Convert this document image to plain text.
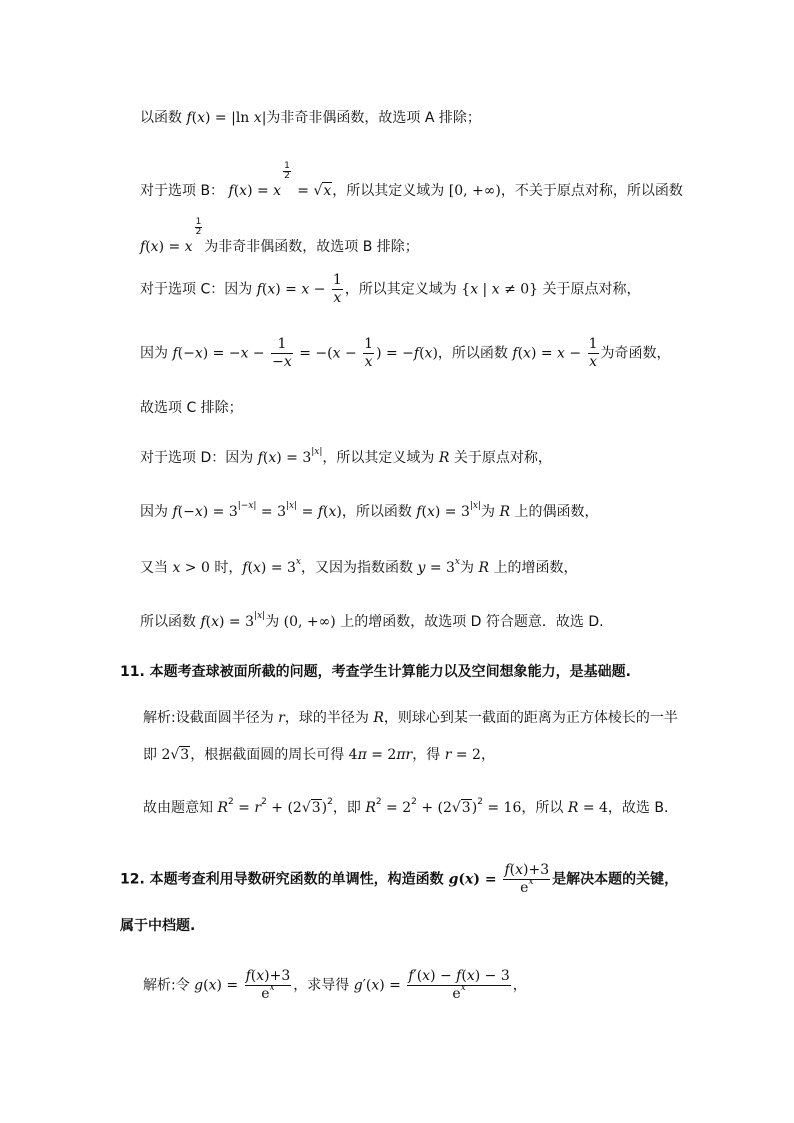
以函数 f(x) = |ln x|为非奇非偶函数，故选项 A 排除；
对于选项 B： f(x) = x
$^{\frac{1}{2}}$
= √x，所以其定义域为 [0, +∞)，不关于原点对称，所以函数
f(x) = x
$^{\frac{1}{2}}$
为非奇非偶函数，故选项 B 排除；
对于选项 C：因为 $f(x) = x - \frac{1}{x}$ ，所以其定义域为 {x | x ≠ 0} 关于原点对称，
因为 $f(-x) = -x - \frac{1}{-x} = -(x - \frac{1}{x}$ ) = −f(x)，所以函数 $f(x) = x - \frac{1}{x}$ 为奇函数，
故选项 C 排除；
对于选项 D：因为 $f(x) = 3^{|x|}$，所以其定义域为 R 关于原点对称，
因为 $f(-x) = 3^{|-x|} = 3^{|x|} = f(x)$，所以函数 $f(x) = 3^{|x|}$为 R 上的偶函数，
又当 x > 0 时，$f(x) = 3^x$，又因为指数函数 $y = 3^x$为 R 上的增函数，
所以函数 $f(x) = 3^{|x|}$为 (0, +∞) 上的增函数，故选项 D 符合题意．故选 D.
11. 本题考查球被面所截的问题，考查学生计算能力以及空间想象能力，是基础题.
解析:设截面圆半径为 r，球的半径为 R，则球心到某一截面的距离为正方体棱长的一半
即 2√3，根据截面圆的周长可得 4π = 2πr，得 r = 2，
故由题意知 $R^2 = r^2 + (2√3)^2$，即 $R^2 = 2^2 + (2√3)^2 = 16$，所以 R = 4，故选 B.
12. 本题考查利用导数研究函数的单调性，构造函数 $g(x) = \frac{f(x)+3}{e^x}$ 是解决本题的关键，
属于中档题.
解析:令 $g(x) = \frac{f(x)+3}{e^x}$ ，求导得 $g'(x) = \frac{f'(x) - f(x) - 3}{e^x}$ ，
